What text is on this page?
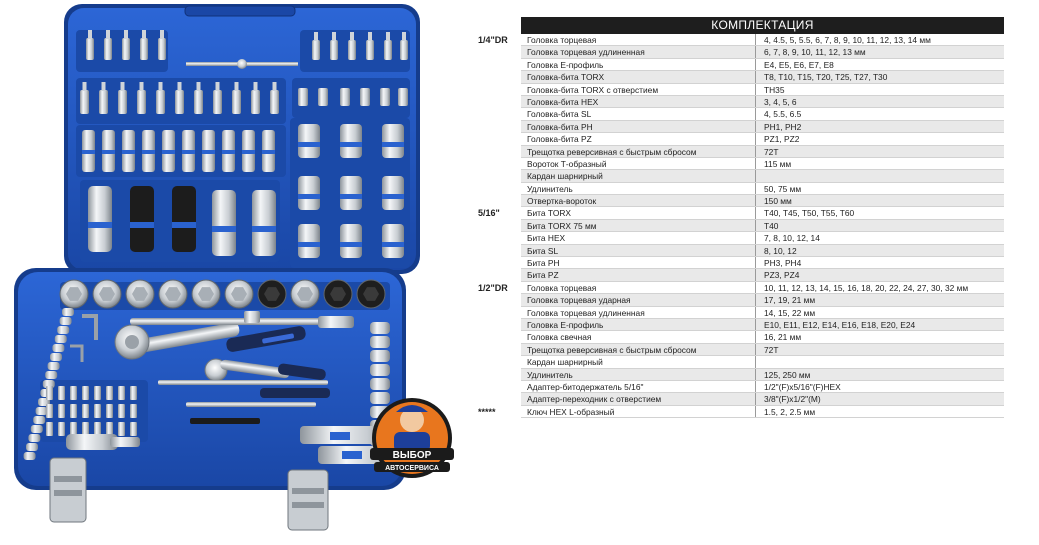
ВЫБОР
АВТОСЕРВИСА
КОМПЛЕКТАЦИЯ
1/4"DR	Головка торцевая	4, 4.5, 5, 5.5, 6, 7, 8, 9, 10, 11, 12, 13, 14 мм
Головка торцевая удлиненная	6, 7, 8, 9, 10, 11, 12, 13 мм
Головка Е-профиль	E4, E5, E6, E7, E8
Головка-бита TORX	T8, T10, T15, T20, T25, T27, T30
Головка-бита TORX с отверстием	TH35
Головка-бита HEX	3, 4, 5, 6
Головка-бита SL	4, 5.5, 6.5
Головка-бита PH	PH1, PH2
Головка-бита PZ	PZ1, PZ2
Трещотка реверсивная с быстрым сбросом	72T
Вороток Т-образный	115 мм
Кардан шарнирный
Удлинитель	50, 75 мм
Отвертка-вороток	150 мм
5/16"	Бита TORX	T40, T45, T50, T55, T60
Бита TORX 75 мм	T40
Бита HEX	7, 8, 10, 12, 14
Бита SL	8, 10, 12
Бита PH	PH3, PH4
Бита PZ	PZ3, PZ4
1/2"DR	Головка торцевая	10, 11, 12, 13, 14, 15, 16, 18, 20, 22, 24, 27, 30, 32 мм
Головка торцевая ударная	17, 19, 21 мм
Головка торцевая удлиненная	14, 15, 22 мм
Головка Е-профиль	E10, E11, E12, E14, E16, E18, E20, E24
Головка свечная	16, 21 мм
Трещотка реверсивная с быстрым сбросом	72T
Кардан шарнирный
Удлинитель	125, 250 мм
Адаптер-битодержатель 5/16"	1/2"(F)x5/16"(F)HEX
Адаптер-переходник с отверстием	3/8"(F)x1/2"(M)
*****	Ключ HEX L-образный	1.5, 2, 2.5 мм
